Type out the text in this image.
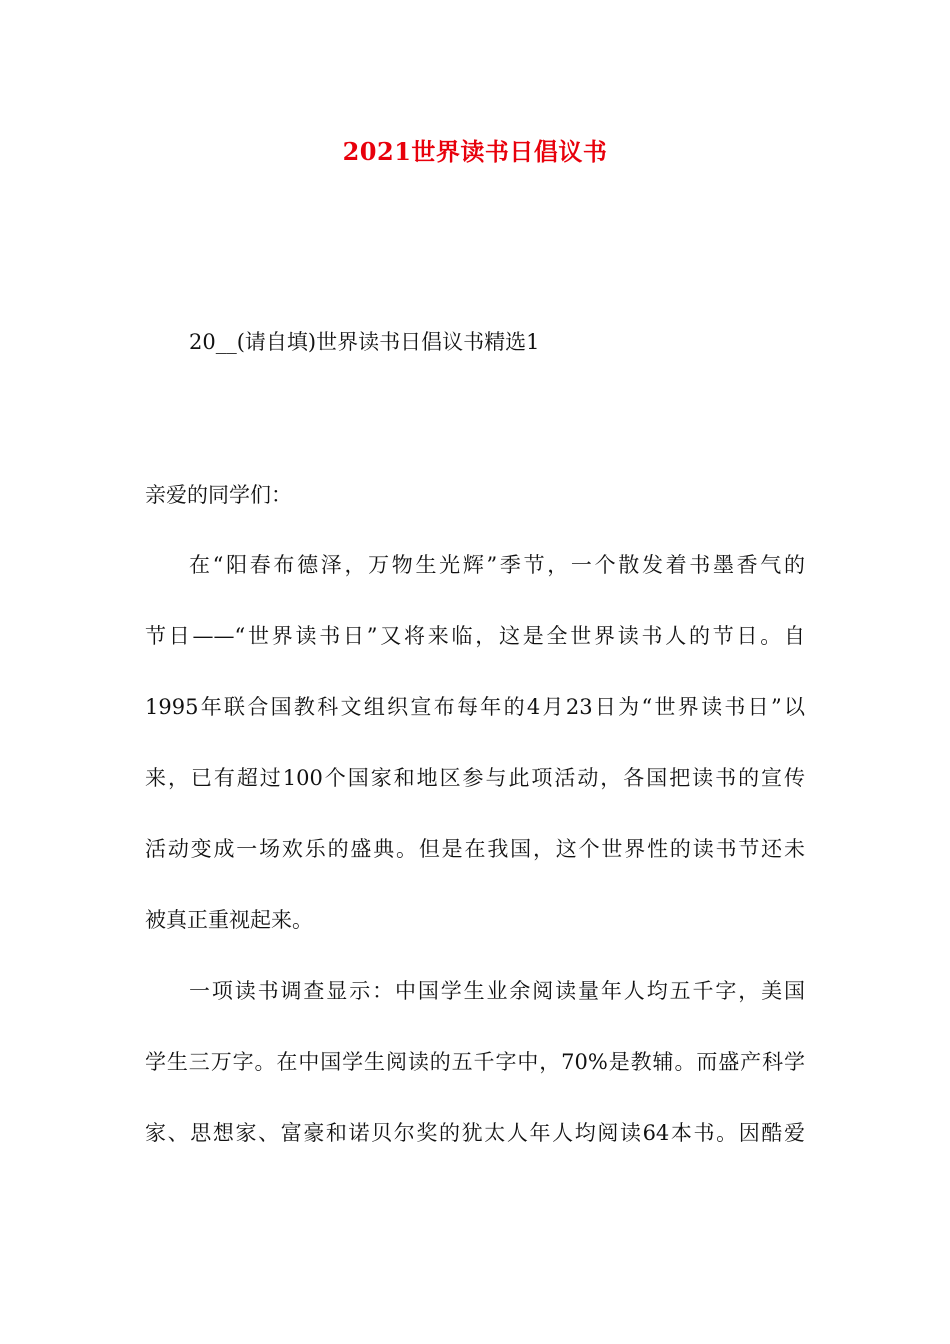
2021世界读书日倡议书
20__(请自填)世界读书日倡议书精选1
亲爱的同学们：
在“阳春布德泽，万物生光辉”季节，一个散发着书墨香气的
节日——“世界读书日”又将来临，这是全世界读书人的节日。自
1995年联合国教科文组织宣布每年的4月23日为“世界读书日”以
来，已有超过100个国家和地区参与此项活动，各国把读书的宣传
活动变成一场欢乐的盛典。但是在我国，这个世界性的读书节还未
被真正重视起来。
一项读书调查显示：中国学生业余阅读量年人均五千字，美国
学生三万字。在中国学生阅读的五千字中，70%是教辅。而盛产科学
家、思想家、富豪和诺贝尔奖的犹太人年人均阅读64本书。因酷爱
